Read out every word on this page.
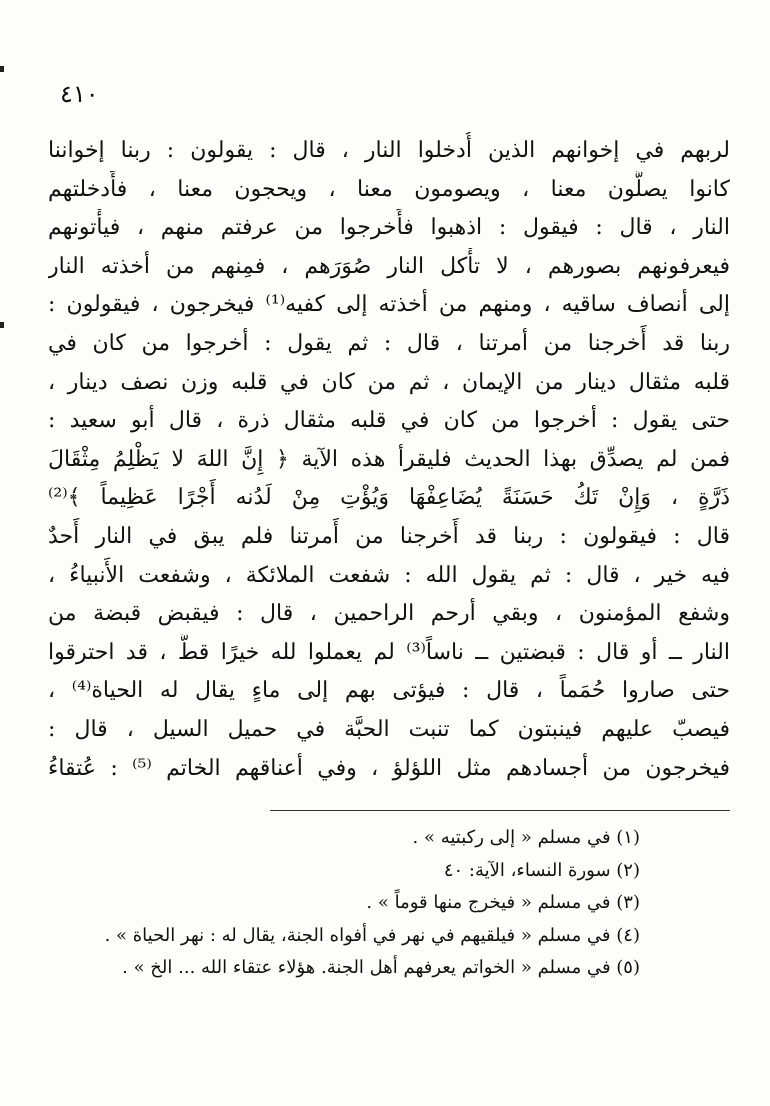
٤١٠
لربهم في إخوانهم الذين أُدخلوا النار ، قال : يقولون : ربنا إخواننا
كانوا يصلُّون معنا ، ويصومون معنا ، ويحجون معنا ، فأَدخلتهم
النار ، قال : فيقول : اذهبوا فأَخرجوا من عرفتم منهم ، فيأْتونهم
فيعرفونهم بصورهم ، لا تأْكل النار صُوَرَهم ، فمِنهم من أخذته النار
إلى أنصاف ساقيه ، ومنهم من أخذته إلى كفيه⁽¹⁾ فيخرجون ، فيقولون :
ربنا قد أَخرجنا من أمرتنا ، قال : ثم يقول : أخرجوا من كان في
قلبه مثقال دينار من الإيمان ، ثم من كان في قلبه وزن نصف دينار ،
حتى يقول : أخرجوا من كان في قلبه مثقال ذرة ، قال أبو سعيد :
فمن لم يصدِّق بهذا الحديث فليقرأ هذه الآية ﴿ إِنَّ اللهَ لا يَظْلِمُ مِثْقَالَ
ذَرَّةٍ ، وَإِنْ تَكُ حَسَنَةً يُضَاعِفْهَا وَيُؤْتِ مِنْ لَدُنه أَجْرًا عَظِيماً ﴾⁽²⁾
قال : فيقولون : ربنا قد أَخرجنا من أَمرتنا فلم يبق في النار أَحدٌ
فيه خير ، قال : ثم يقول الله : شفعت الملائكة ، وشفعت الأَنبياءُ ،
وشفع المؤمنون ، وبقي أرحم الراحمين ، قال : فيقبض قبضة من
النار ــ أو قال : قبضتين ــ ناساً⁽³⁾ لم يعملوا لله خيرًا قطُّ ، قد احترقوا
حتى صاروا حُمَماً ، قال : فيؤتى بهم إلى ماءٍ يقال له الحياة⁽⁴⁾ ،
فيصبّ عليهم فينبتون كما تنبت الحبَّة في حميل السيل ، قال :
فيخرجون من أجسادهم مثل اللؤلؤ ، وفي أعناقهم الخاتم ⁽⁵⁾ : عُتقاءُ
(١) في مسلم « إلى ركبتيه » .
(٢) سورة النساء، الآية: ٤٠
(٣) في مسلم « فيخرج منها قوماً » .
(٤) في مسلم « فيلقيهم في نهر في أفواه الجنة، يقال له : نهر الحياة » .
(٥) في مسلم « الخواتم يعرفهم أهل الجنة. هؤلاء عتقاء الله ... الخ » .
